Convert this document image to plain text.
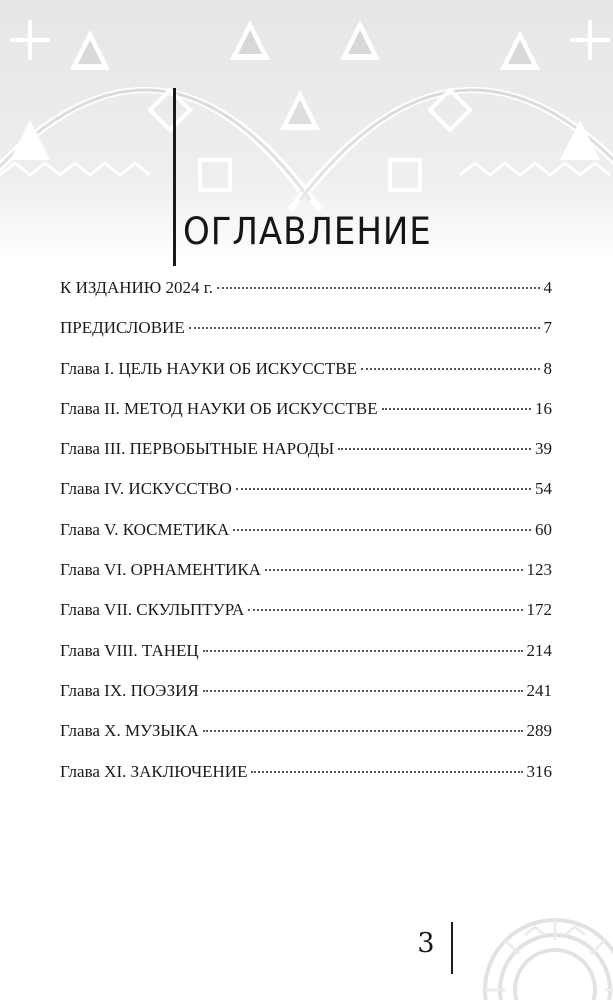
ОГЛАВЛЕНИЕ
К ИЗДАНИЮ 2024 г.	4
ПРЕДИСЛОВИЕ	7
Глава I. ЦЕЛЬ НАУКИ ОБ ИСКУССТВЕ	8
Глава II. МЕТОД НАУКИ ОБ ИСКУССТВЕ	16
Глава III. ПЕРВОБЫТНЫЕ НАРОДЫ	39
Глава IV. ИСКУССТВО	54
Глава V. КОСМЕТИКА	60
Глава VI. ОРНАМЕНТИКА	123
Глава VII. СКУЛЬПТУРА	172
Глава VIII. ТАНЕЦ	214
Глава IX. ПОЭЗИЯ	241
Глава X. МУЗЫКА	289
Глава XI. ЗАКЛЮЧЕНИЕ	316
3
